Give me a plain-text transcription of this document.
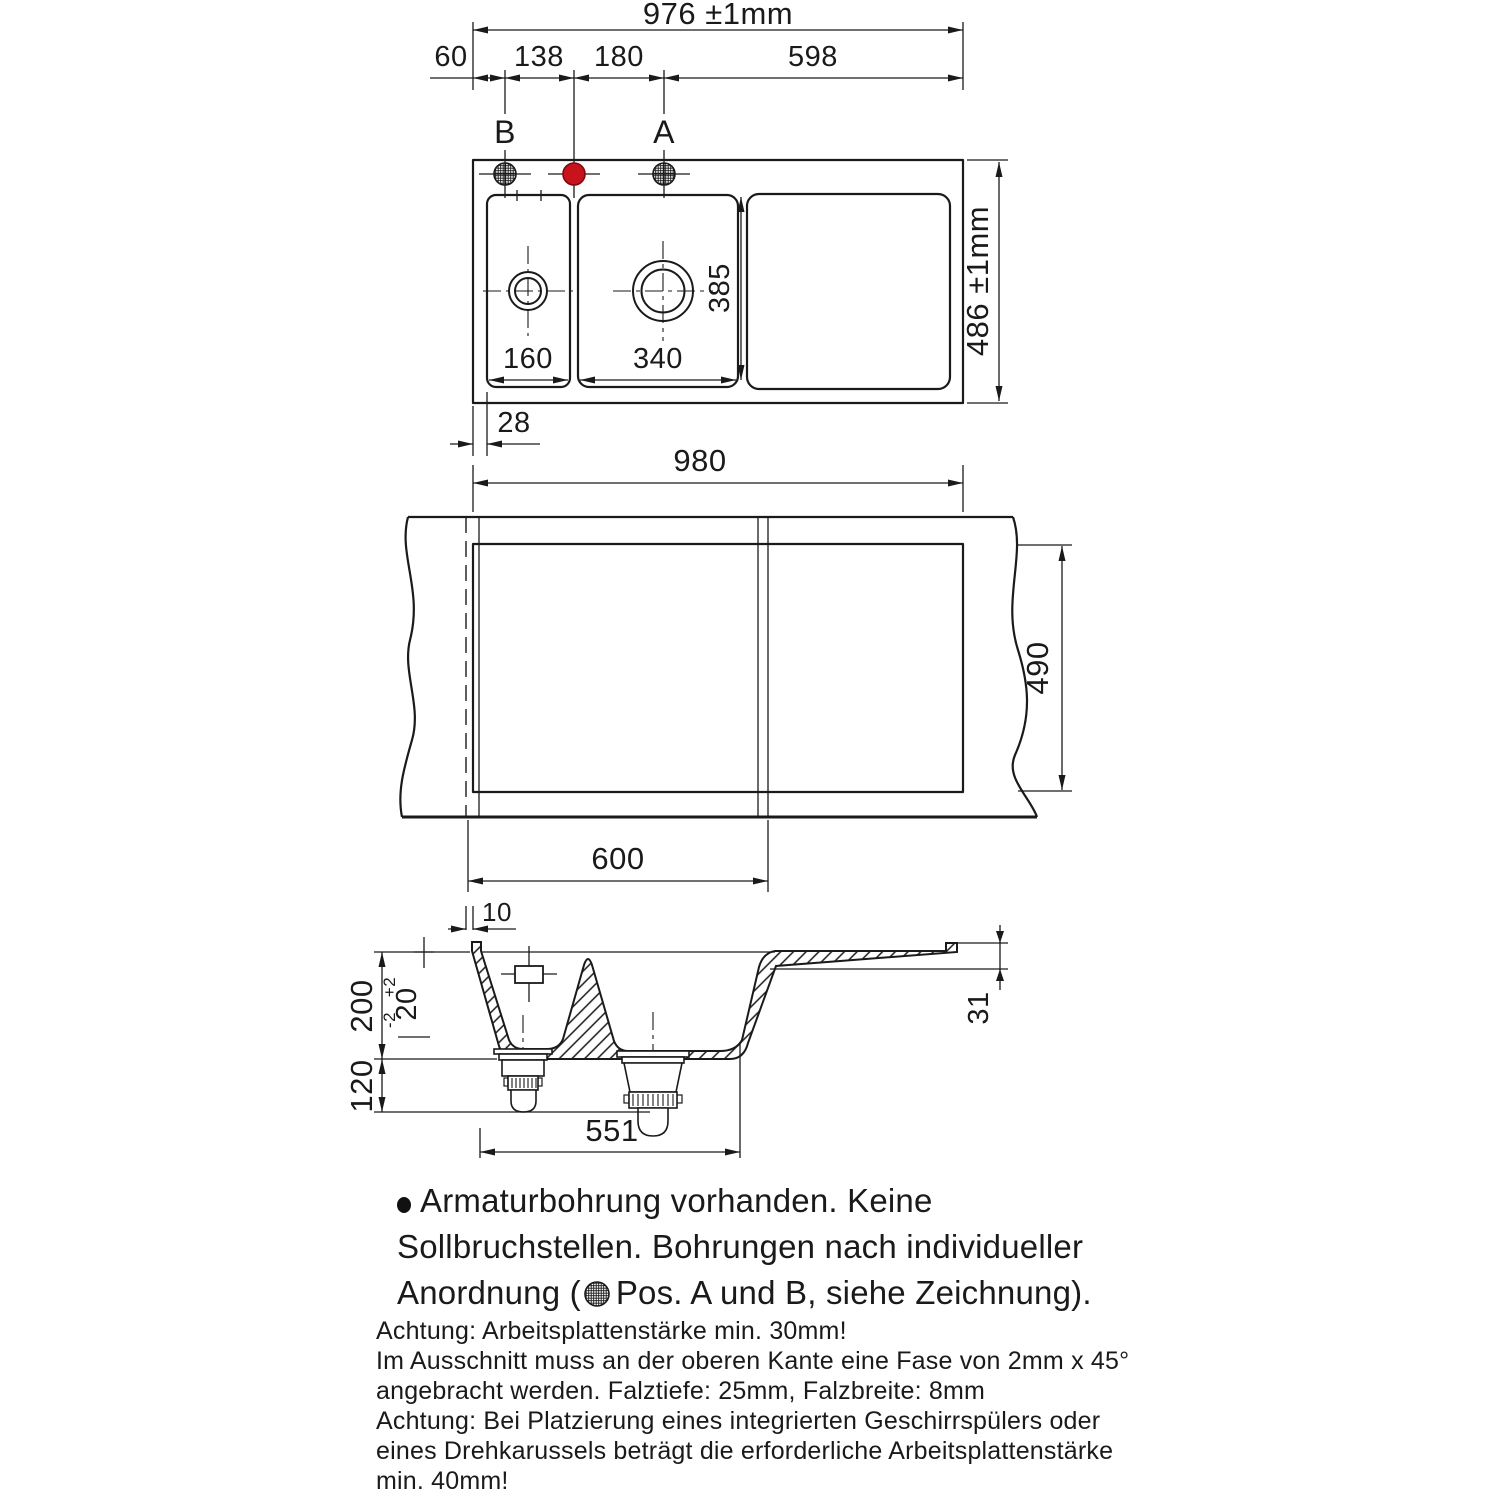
976 ±1mm
60 138 180	598
B	A
160	340
385	486 ±1mm
28
980
490
600
10
200
120
20
+2
-2	31
551
Armaturbohrung vorhanden. Keine
Sollbruchstellen. Bohrungen nach individueller
Anordnung ( Pos. A und B, siehe Zeichnung).
Achtung: Arbeitsplattenstärke min. 30mm!
Im Ausschnitt muss an der oberen Kante eine Fase von 2mm x 45°
angebracht werden. Falztiefe: 25mm, Falzbreite: 8mm
Achtung: Bei Platzierung eines integrierten Geschirrspülers oder
eines Drehkarussels beträgt die erforderliche Arbeitsplattenstärke
min. 40mm!
